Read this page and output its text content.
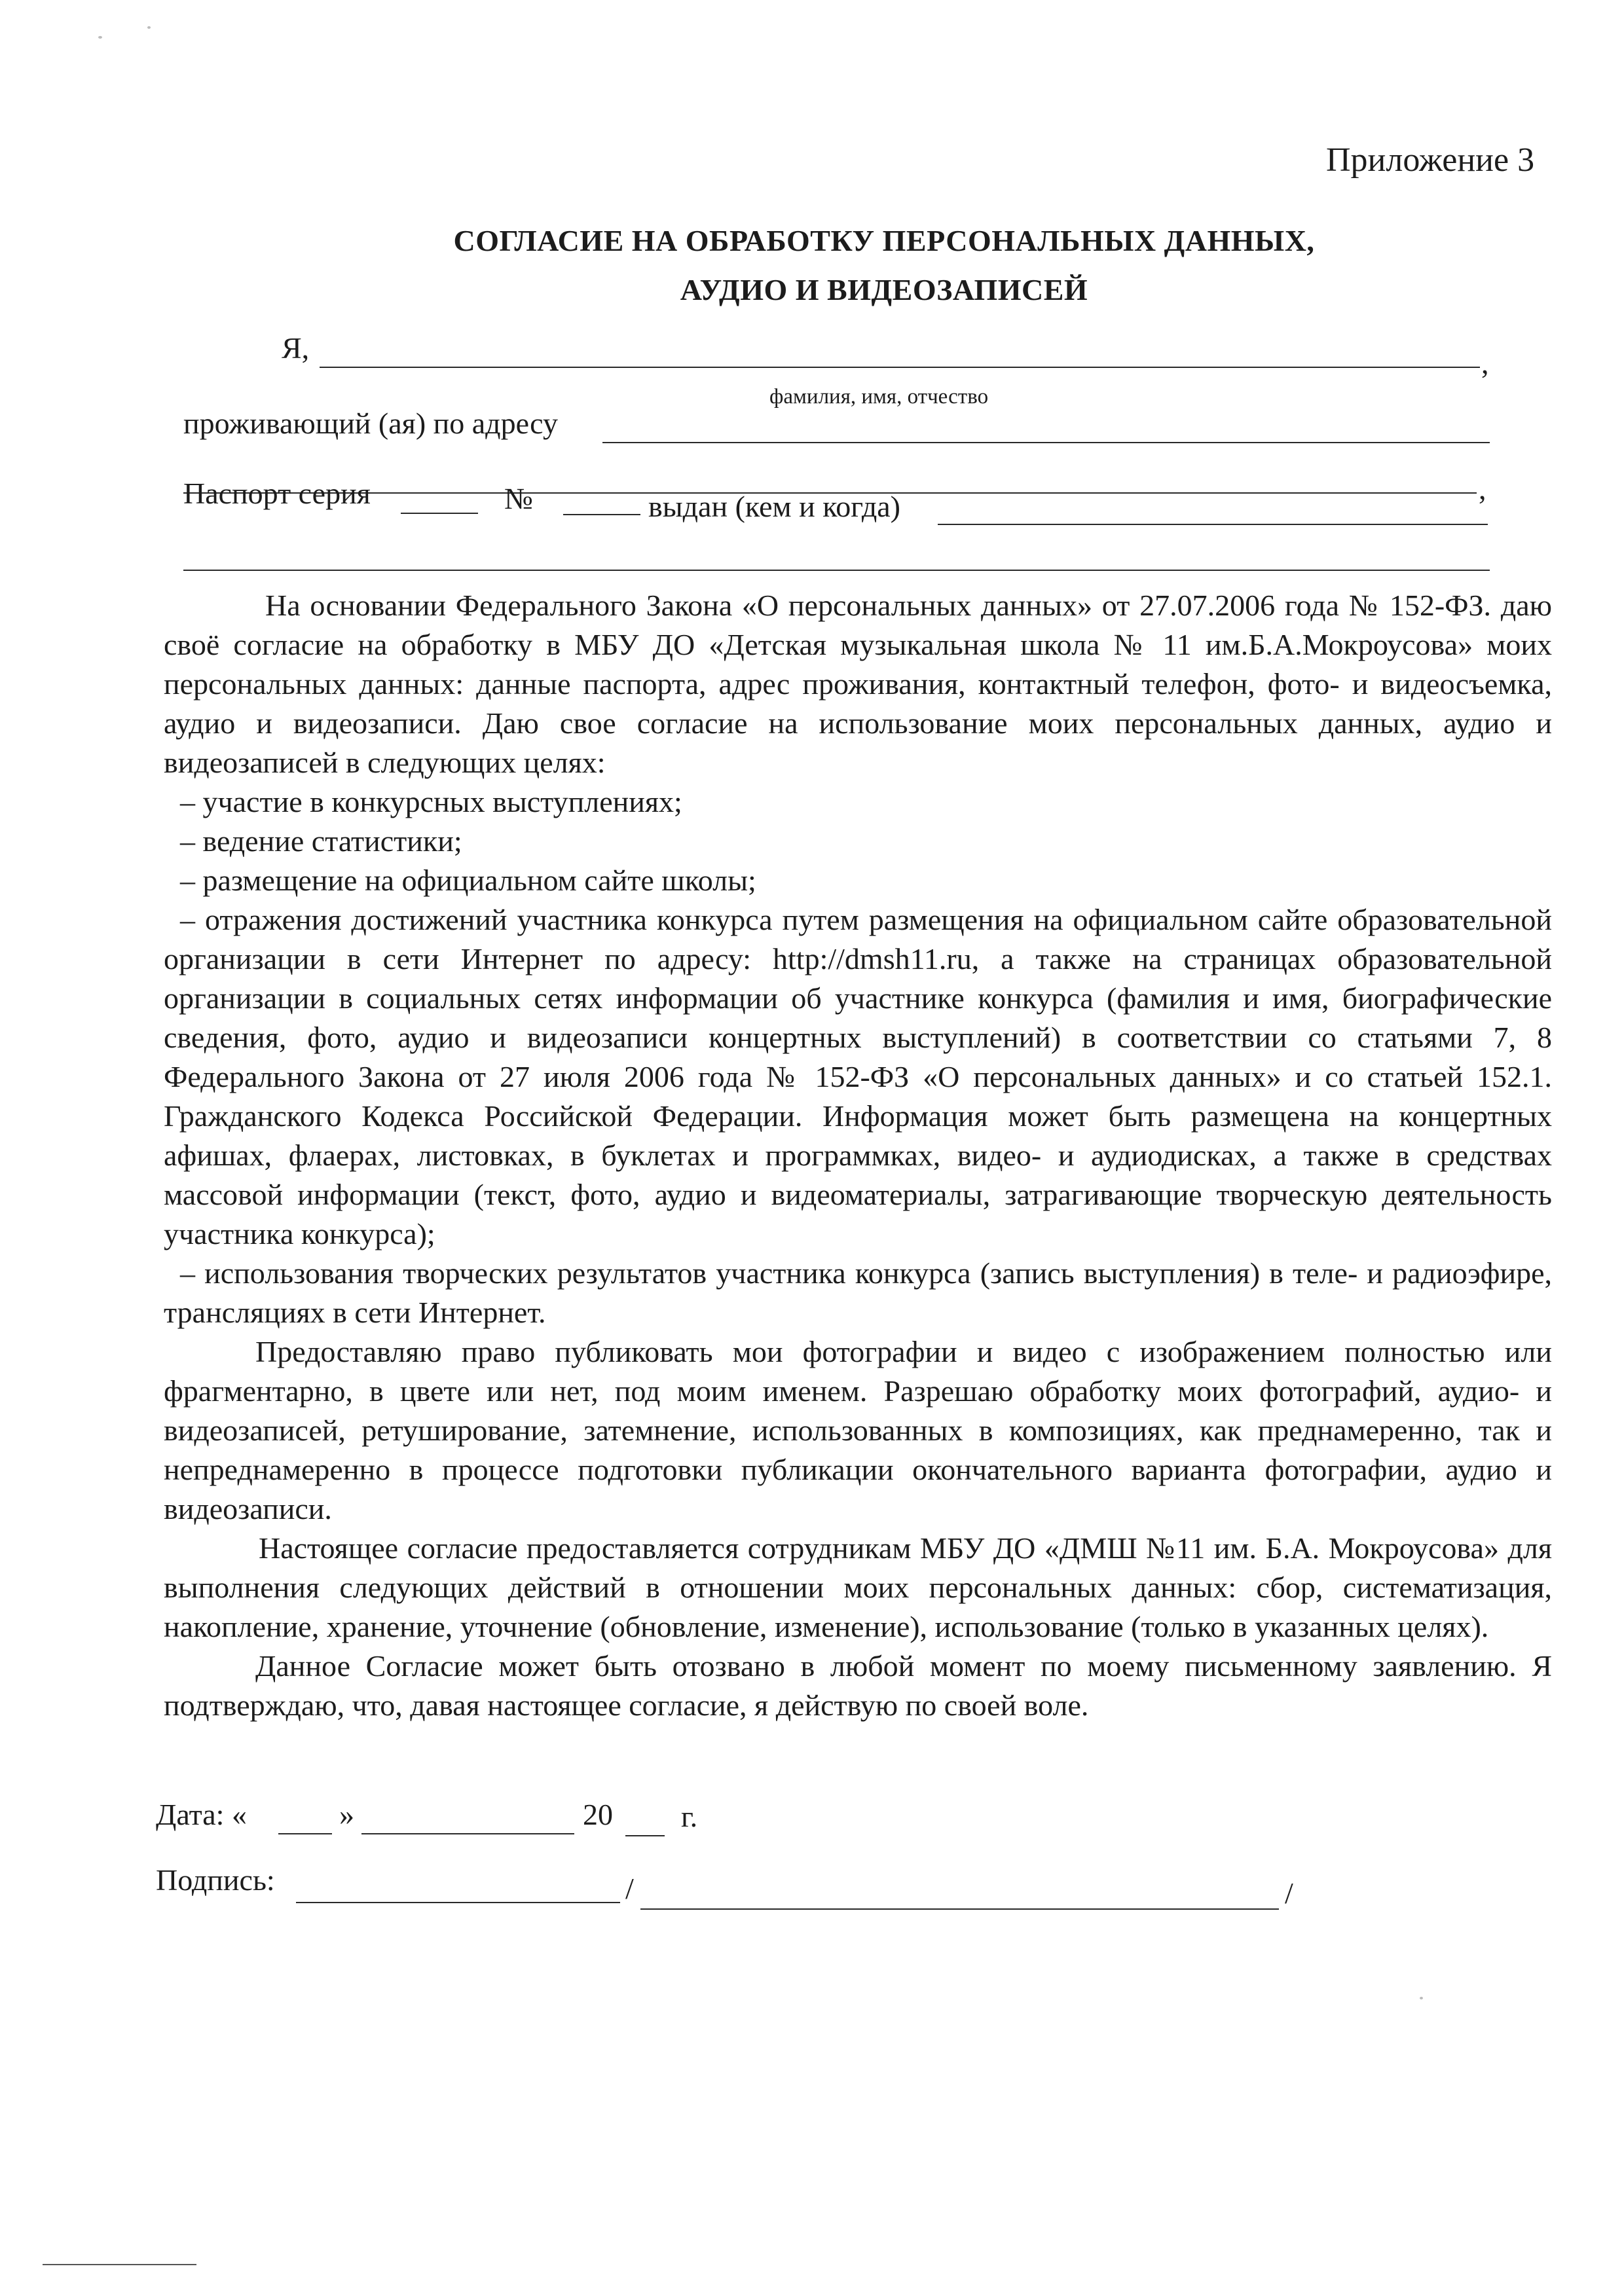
Приложение 3
СОГЛАСИЕ НА ОБРАБОТКУ ПЕРСОНАЛЬНЫХ ДАННЫХ,
АУДИО И ВИДЕОЗАПИСЕЙ
Я,	,
фамилия, имя, отчество
проживающий (ая) по адресу
,
Паспорт серия	№	выдан (кем и когда)

На основании Федерального Закона «О персональных данных» от 27.07.2006 года № 152-ФЗ. даю своё согласие на обработку в МБУ ДО «Детская музыкальная школа № 11 им.Б.А.Мокроусова» моих персональных данных: данные паспорта, адрес проживания, контактный телефон, фото- и видеосъемка, аудио и видеозаписи. Даю свое согласие на использование моих персональных данных, аудио и видеозаписей в следующих целях:

– участие в конкурсных выступлениях;

– ведение статистики;

– размещение на официальном сайте школы;

– отражения достижений участника конкурса путем размещения на официальном сайте образовательной организации в сети Интернет по адресу: http://dmsh11.ru, а также на страницах образовательной организации в социальных сетях информации об участнике конкурса (фамилия и имя, биографические сведения, фото, аудио и видеозаписи концертных выступлений) в соответствии со статьями 7, 8 Федерального Закона от 27 июля 2006 года № 152-ФЗ «О персональных данных» и со статьей 152.1. Гражданского Кодекса Российской Федерации. Информация может быть размещена на концертных афишах, флаерах, листовках, в буклетах и программках, видео- и аудиодисках, а также в средствах массовой информации (текст, фото, аудио и видеоматериалы, затрагивающие творческую деятельность участника конкурса);

– использования творческих результатов участника конкурса (запись выступления) в теле- и радиоэфире, трансляциях в сети Интернет.

Предоставляю право публиковать мои фотографии и видео с изображением полностью или фрагментарно, в цвете или нет, под моим именем. Разрешаю обработку моих фотографий, аудио- и видеозаписей, ретуширование, затемнение, использованных в композициях, как преднамеренно, так и непреднамеренно в процессе подготовки публикации окончательного варианта фотографии, аудио и видеозаписи.

Настоящее согласие предоставляется сотрудникам МБУ ДО «ДМШ №11 им. Б.А. Мокроусова» для выполнения следующих действий в отношении моих персональных данных: сбор, систематизация, накопление, хранение, уточнение (обновление, изменение), использование (только в указанных целях).

Данное Согласие может быть отозвано в любой момент по моему письменному заявлению. Я подтверждаю, что, давая настоящее согласие, я действую по своей воле.

Дата: «	»	20 г.
Подпись:	/	/
